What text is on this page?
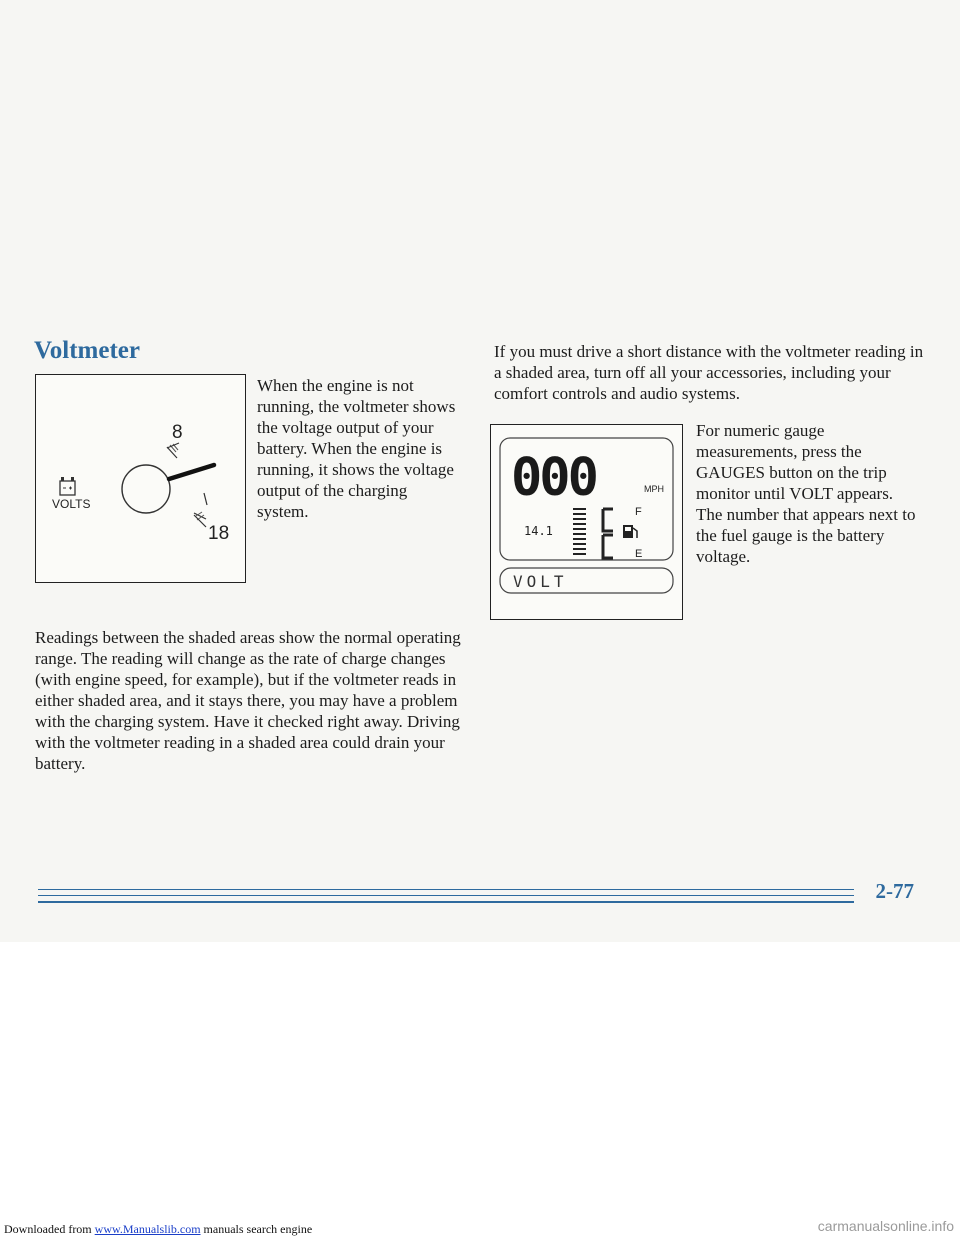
Voltmeter
8
18
VOLTS

When the engine is not running, the voltmeter shows the voltage output of your battery. When the engine is running, it shows the voltage output of the charging system.

Readings between the shaded areas show the normal operating range. The reading will change as the rate of charge changes (with engine speed, for example), but if the voltmeter reads in either shaded area, and it stays there, you may have a problem with the charging system. Have it checked right away. Driving with the voltmeter reading in a shaded area could drain your battery.

If you must drive a short distance with the voltmeter reading in a shaded area, turn off all your accessories, including your comfort controls and audio systems.

000	MPH
14.1
F
E
VOLT

For numeric gauge measurements, press the GAUGES button on the trip monitor until VOLT appears. The number that appears next to the fuel gauge is the battery voltage.

2-77

Downloaded from www.Manualslib.com manuals search engine	carmanualsonline.info
